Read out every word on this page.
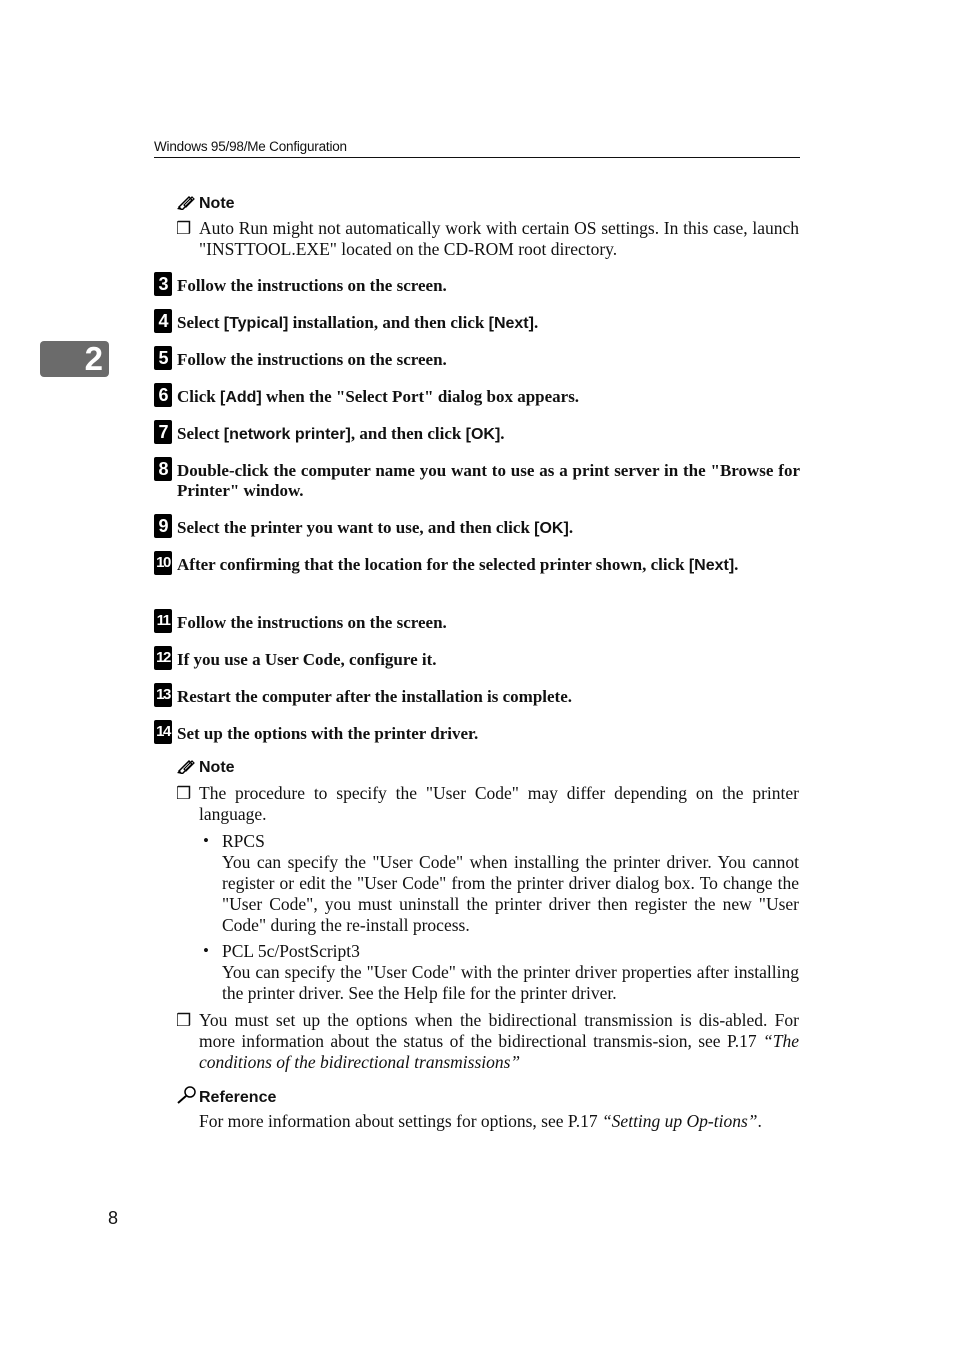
Windows 95/98/Me Configuration
2
Note
❒ Auto Run might not automatically work with certain OS settings. In this case, launch "INSTTOOL.EXE" located on the CD-ROM root directory.
3 Follow the instructions on the screen.
4 Select [Typical] installation, and then click [Next].
5 Follow the instructions on the screen.
6 Click [Add] when the "Select Port" dialog box appears.
7 Select [network printer], and then click [OK].
8 Double-click the computer name you want to use as a print server in the "Browse for Printer" window.
9 Select the printer you want to use, and then click [OK].
10 After confirming that the location for the selected printer shown, click [Next].
11 Follow the instructions on the screen.
12 If you use a User Code, configure it.
13 Restart the computer after the installation is complete.
14 Set up the options with the printer driver.
Note
❒ The procedure to specify the "User Code" may differ depending on the printer language.
• RPCS
You can specify the "User Code" when installing the printer driver. You cannot register or edit the "User Code" from the printer driver dialog box. To change the "User Code", you must uninstall the printer driver then register the new "User Code" during the re-install process.
• PCL 5c/PostScript3
You can specify the "User Code" with the printer driver properties after installing the printer driver. See the Help file for the printer driver.
❒ You must set up the options when the bidirectional transmission is dis-abled. For more information about the status of the bidirectional transmis-sion, see P.17 “The conditions of the bidirectional transmissions”
Reference
For more information about settings for options, see P.17 “Setting up Op-tions”.
8
